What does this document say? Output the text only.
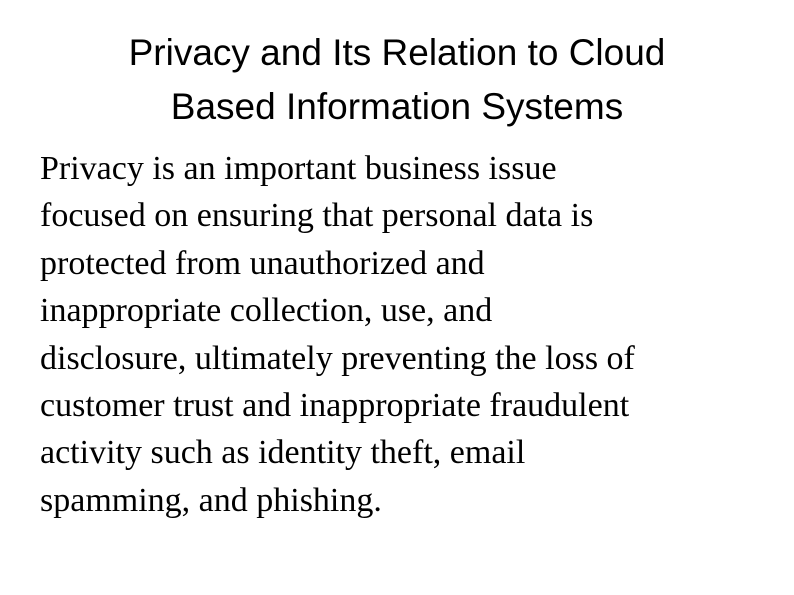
Privacy and Its Relation to Cloud
Based Information Systems

Privacy is an important business issue
focused on ensuring that personal data is
protected from unauthorized and
inappropriate collection, use, and
disclosure, ultimately preventing the loss of
customer trust and inappropriate fraudulent
activity such as identity theft, email
spamming, and phishing.
